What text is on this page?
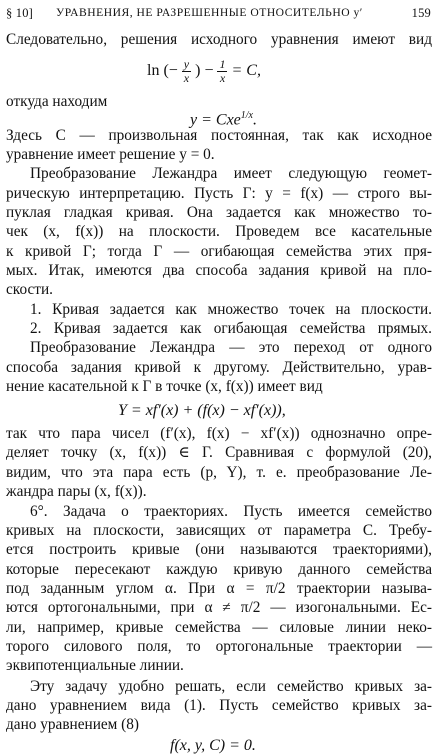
§ 10] УРАВНЕНИЯ, НЕ РАЗРЕШЕННЫЕ ОТНОСИТЕЛЬНО y′	159
Следовательно, решения исходного уравнения имеют вид
ln (− $\frac{y}{x}$ ) − $\frac{1}{x} = C$,
откуда находим
y = Cxe$^{1/x}$.
Здесь C — произвольная постоянная, так как исходное
уравнение имеет решение y = 0.
Преобразование Лежандра имеет следующую геомет-
рическую интерпретацию. Пусть Γ: y = f(x) — строго вы-
пуклая гладкая кривая. Она задается как множество то-
чек (x, f(x)) на плоскости. Проведем все касательные
к кривой Γ; тогда Γ — огибающая семейства этих пря-
мых. Итак, имеются два способа задания кривой на пло-
скости.
1. Кривая задается как множество точек на плоскости.
2. Кривая задается как огибающая семейства прямых.
Преобразование Лежандра — это переход от одного
способа задания кривой к другому. Действительно, урав-
нение касательной к Γ в точке (x, f(x)) имеет вид
Y = xf′(x) + (f(x) − xf′(x)),
так что пара чисел (f′(x), f(x) − xf′(x)) однозначно опре-
деляет точку (x, f(x)) ∈ Γ. Сравнивая с формулой (20),
видим, что эта пара есть (p, Y), т. е. преобразование Ле-
жандра пары (x, f(x)).
6°. Задача о траекториях. Пусть имеется семейство
кривых на плоскости, зависящих от параметра C. Требу-
ется построить кривые (они называются траекториями),
которые пересекают каждую кривую данного семейства
под заданным углом α. При α = π/2 траектории называ-
ются ортогональными, при α ≠ π/2 — изогональными. Ес-
ли, например, кривые семейства — силовые линии неко-
торого силового поля, то ортогональные траектории —
эквипотенциальные линии.
Эту задачу удобно решать, если семейство кривых за-
дано уравнением вида (1). Пусть семейство кривых за-
дано уравнением (8)
f(x, y, C) = 0.
